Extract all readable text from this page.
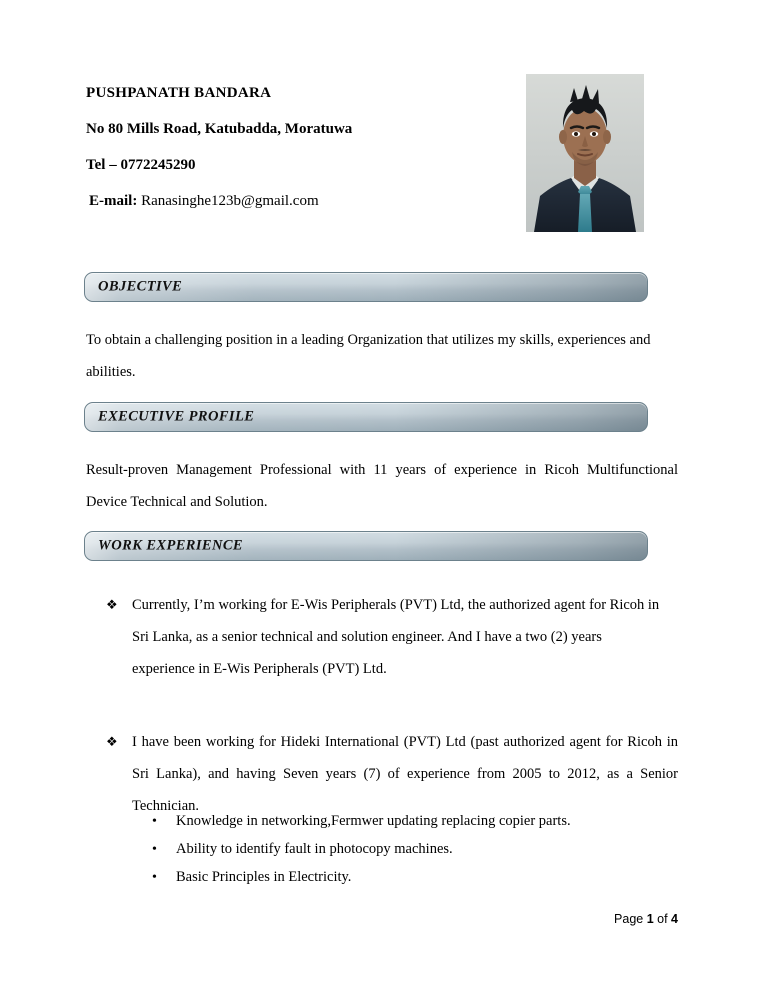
PUSHPANATH BANDARA
No 80 Mills Road, Katubadda, Moratuwa
Tel – 0772245290
E-mail: Ranasinghe123b@gmail.com
OBJECTIVE
To obtain a challenging position in a leading Organization that utilizes my skills, experiences and abilities.
EXECUTIVE PROFILE
Result-proven Management Professional with 11 years of experience in Ricoh Multifunctional Device Technical and Solution.
WORK EXPERIENCE
❖ Currently, I’m working for E-Wis Peripherals (PVT) Ltd, the authorized agent for Ricoh in Sri Lanka, as a senior technical and solution engineer. And I have a two (2) years experience in E-Wis Peripherals (PVT) Ltd.
❖ I have been working for Hideki International (PVT) Ltd (past authorized agent for Ricoh in Sri Lanka), and having Seven years (7) of experience from 2005 to 2012, as a Senior Technician.
•	Knowledge in networking,Fermwer updating replacing copier parts.
•	Ability to identify fault in photocopy machines.
•	Basic Principles in Electricity.
Page 1 of 4
